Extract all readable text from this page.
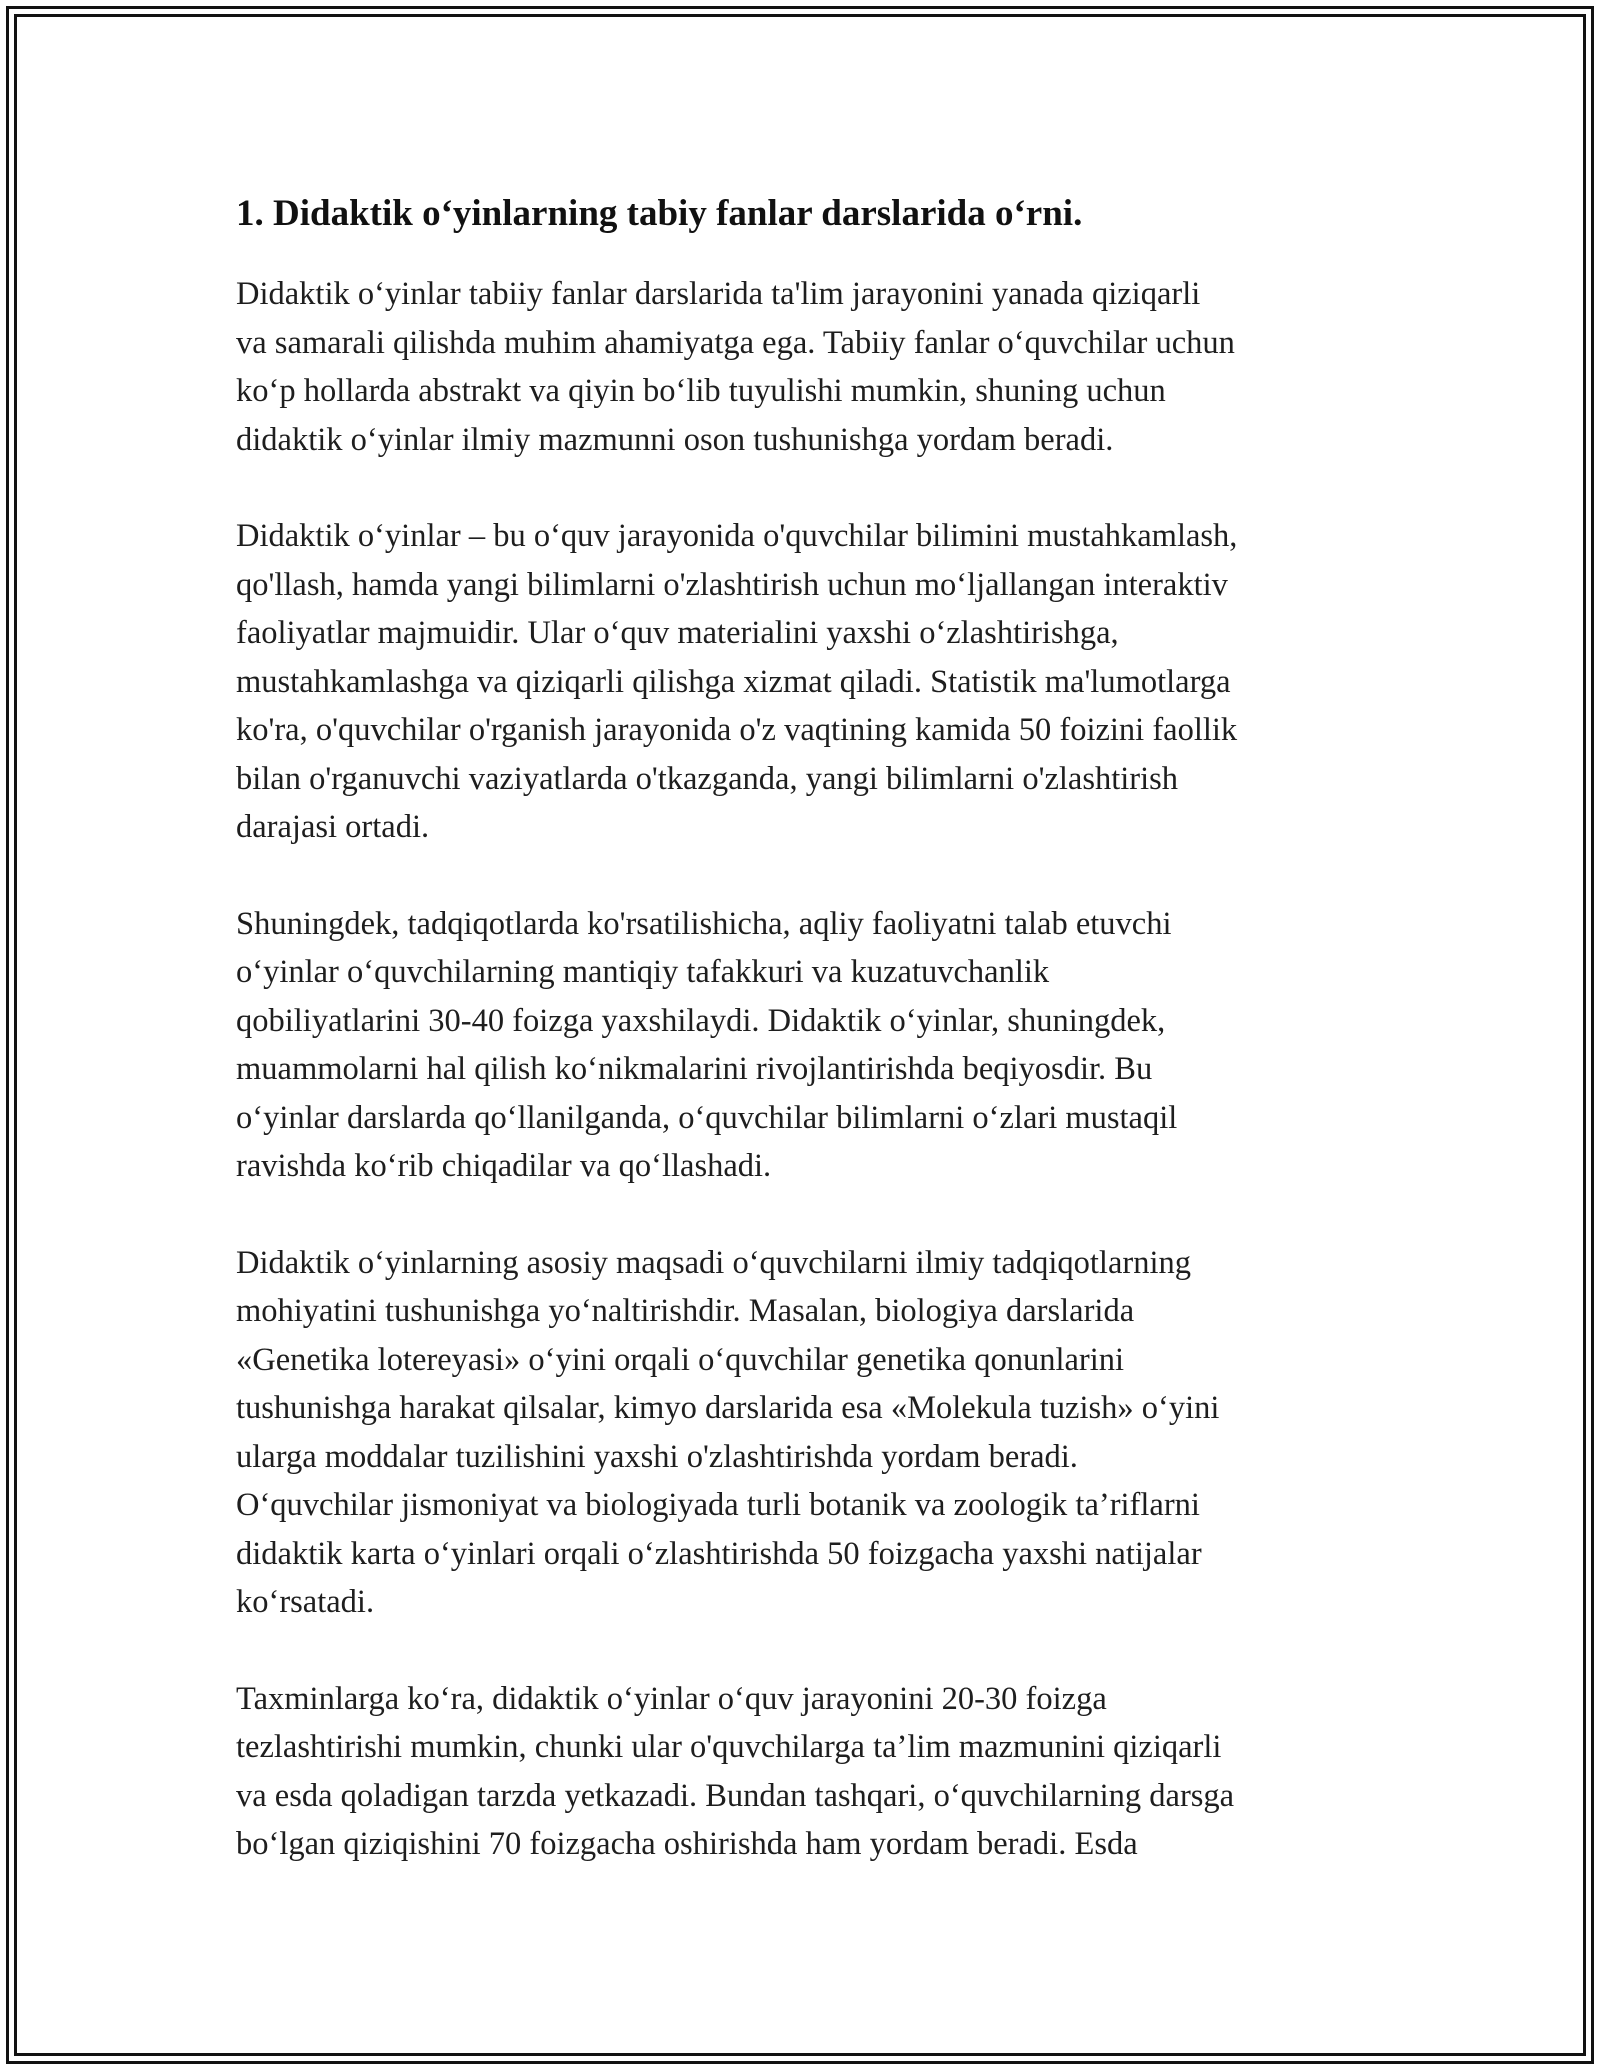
1. Didaktik o‘yinlarning tabiy fanlar darslarida o‘rni.

Didaktik o‘yinlar tabiiy fanlar darslarida ta'lim jarayonini yanada qiziqarli
va samarali qilishda muhim ahamiyatga ega. Tabiiy fanlar o‘quvchilar uchun
ko‘p hollarda abstrakt va qiyin bo‘lib tuyulishi mumkin, shuning uchun
didaktik o‘yinlar ilmiy mazmunni oson tushunishga yordam beradi.

Didaktik o‘yinlar – bu o‘quv jarayonida o'quvchilar bilimini mustahkamlash,
qo'llash, hamda yangi bilimlarni o'zlashtirish uchun mo‘ljallangan interaktiv
faoliyatlar majmuidir. Ular o‘quv materialini yaxshi o‘zlashtirishga,
mustahkamlashga va qiziqarli qilishga xizmat qiladi. Statistik ma'lumotlarga
ko'ra, o'quvchilar o'rganish jarayonida o'z vaqtining kamida 50 foizini faollik
bilan o'rganuvchi vaziyatlarda o'tkazganda, yangi bilimlarni o'zlashtirish
darajasi ortadi.

Shuningdek, tadqiqotlarda ko'rsatilishicha, aqliy faoliyatni talab etuvchi
o‘yinlar o‘quvchilarning mantiqiy tafakkuri va kuzatuvchanlik
qobiliyatlarini 30-40 foizga yaxshilaydi. Didaktik o‘yinlar, shuningdek,
muammolarni hal qilish ko‘nikmalarini rivojlantirishda beqiyosdir. Bu
o‘yinlar darslarda qo‘llanilganda, o‘quvchilar bilimlarni o‘zlari mustaqil
ravishda ko‘rib chiqadilar va qo‘llashadi.

Didaktik o‘yinlarning asosiy maqsadi o‘quvchilarni ilmiy tadqiqotlarning
mohiyatini tushunishga yo‘naltirishdir. Masalan, biologiya darslarida
«Genetika lotereyasi» o‘yini orqali o‘quvchilar genetika qonunlarini
tushunishga harakat qilsalar, kimyo darslarida esa «Molekula tuzish» o‘yini
ularga moddalar tuzilishini yaxshi o'zlashtirishda yordam beradi.
O‘quvchilar jismoniyat va biologiyada turli botanik va zoologik ta’riflarni
didaktik karta o‘yinlari orqali o‘zlashtirishda 50 foizgacha yaxshi natijalar
ko‘rsatadi.

Taxminlarga ko‘ra, didaktik o‘yinlar o‘quv jarayonini 20-30 foizga
tezlashtirishi mumkin, chunki ular o'quvchilarga ta’lim mazmunini qiziqarli
va esda qoladigan tarzda yetkazadi. Bundan tashqari, o‘quvchilarning darsga
bo‘lgan qiziqishini 70 foizgacha oshirishda ham yordam beradi. Esda
